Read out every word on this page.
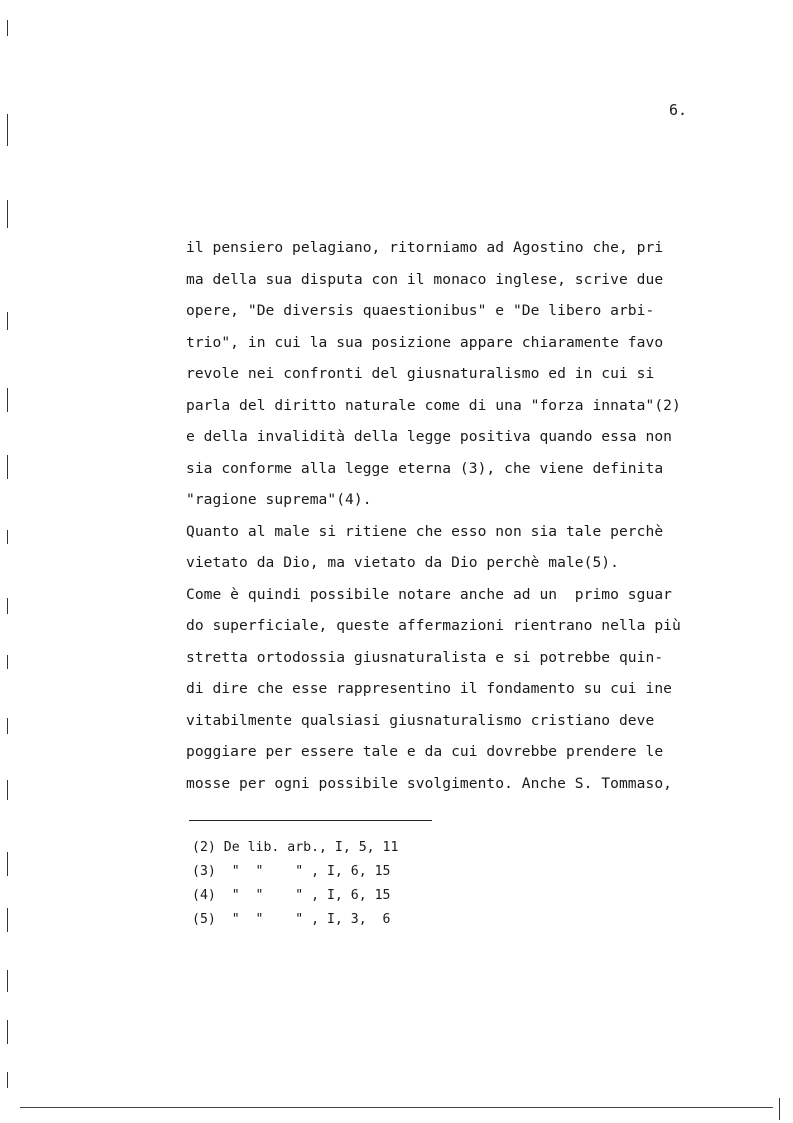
6.
il pensiero pelagiano, ritorniamo ad Agostino che, pri
ma della sua disputa con il monaco inglese, scrive due
opere, "De diversis quaestionibus" e "De libero arbi-
trio", in cui la sua posizione appare chiaramente favo
revole nei confronti del giusnaturalismo ed in cui si
parla del diritto naturale come di una "forza innata"(2)
e della invalidità della legge positiva quando essa non
sia conforme alla legge eterna (3), che viene definita
"ragione suprema"(4).
Quanto al male si ritiene che esso non sia tale perchè
vietato da Dio, ma vietato da Dio perchè male(5).
Come è quindi possibile notare anche ad un  primo sguar
do superficiale, queste affermazioni rientrano nella più
stretta ortodossia giusnaturalista e si potrebbe quin-
di dire che esse rappresentino il fondamento su cui ine
vitabilmente qualsiasi giusnaturalismo cristiano deve
poggiare per essere tale e da cui dovrebbe prendere le
mosse per ogni possibile svolgimento. Anche S. Tommaso,
(2) De lib. arb., I, 5, 11
(3)  "  "    " , I, 6, 15
(4)  "  "    " , I, 6, 15
(5)  "  "    " , I, 3,  6
